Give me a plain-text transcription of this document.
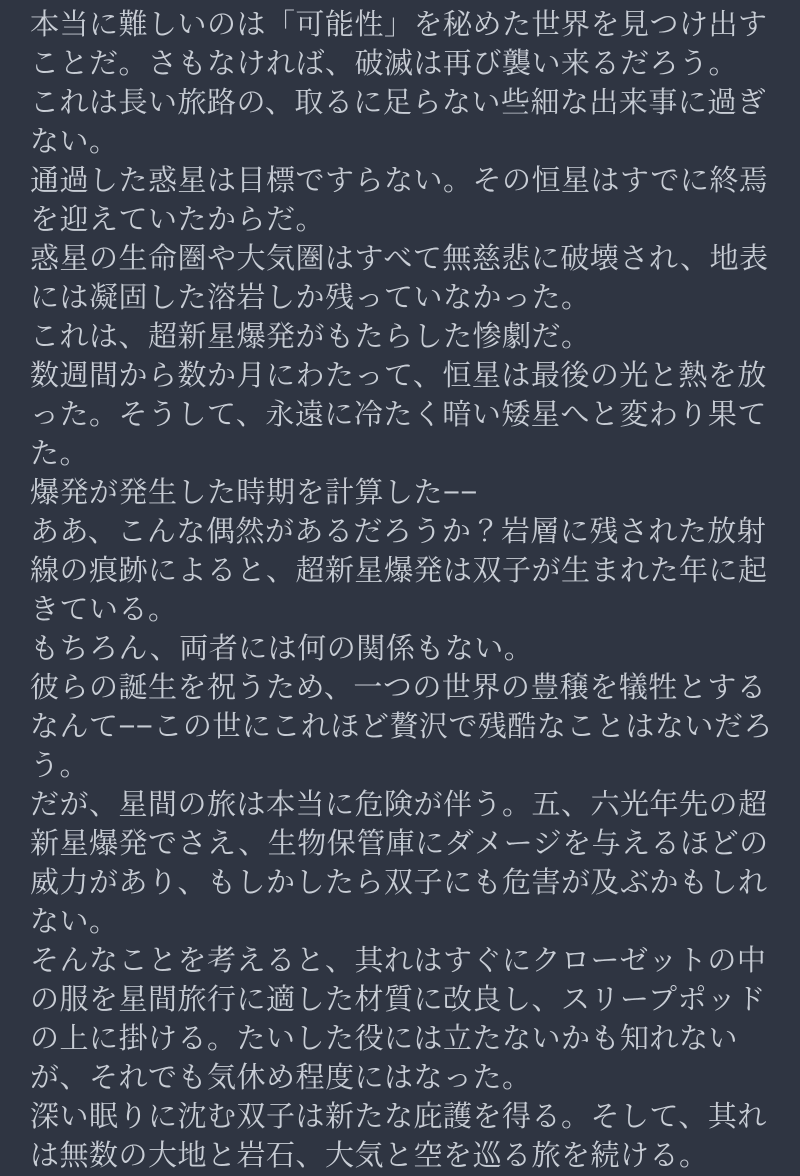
本当に難しいのは「可能性」を秘めた世界を見つけ出す
ことだ。さもなければ、破滅は再び襲い来るだろう。
これは長い旅路の、取るに足らない些細な出来事に過ぎ
ない。
通過した惑星は目標ですらない。その恒星はすでに終焉
を迎えていたからだ。
惑星の生命圏や大気圏はすべて無慈悲に破壊され、地表
には凝固した溶岩しか残っていなかった。
これは、超新星爆発がもたらした惨劇だ。
数週間から数か月にわたって、恒星は最後の光と熱を放
った。そうして、永遠に冷たく暗い矮星へと変わり果て
た。
爆発が発生した時期を計算した−−
ああ、こんな偶然があるだろうか？岩層に残された放射
線の痕跡によると、超新星爆発は双子が生まれた年に起
きている。
もちろん、両者には何の関係もない。
彼らの誕生を祝うため、一つの世界の豊穣を犠牲とする
なんて−−この世にこれほど贅沢で残酷なことはないだろ
う。
だが、星間の旅は本当に危険が伴う。五、六光年先の超
新星爆発でさえ、生物保管庫にダメージを与えるほどの
威力があり、もしかしたら双子にも危害が及ぶかもしれ
ない。
そんなことを考えると、其れはすぐにクローゼットの中
の服を星間旅行に適した材質に改良し、スリープポッド
の上に掛ける。たいした役には立たないかも知れない
が、それでも気休め程度にはなった。
深い眠りに沈む双子は新たな庇護を得る。そして、其れ
は無数の大地と岩石、大気と空を巡る旅を続ける。
